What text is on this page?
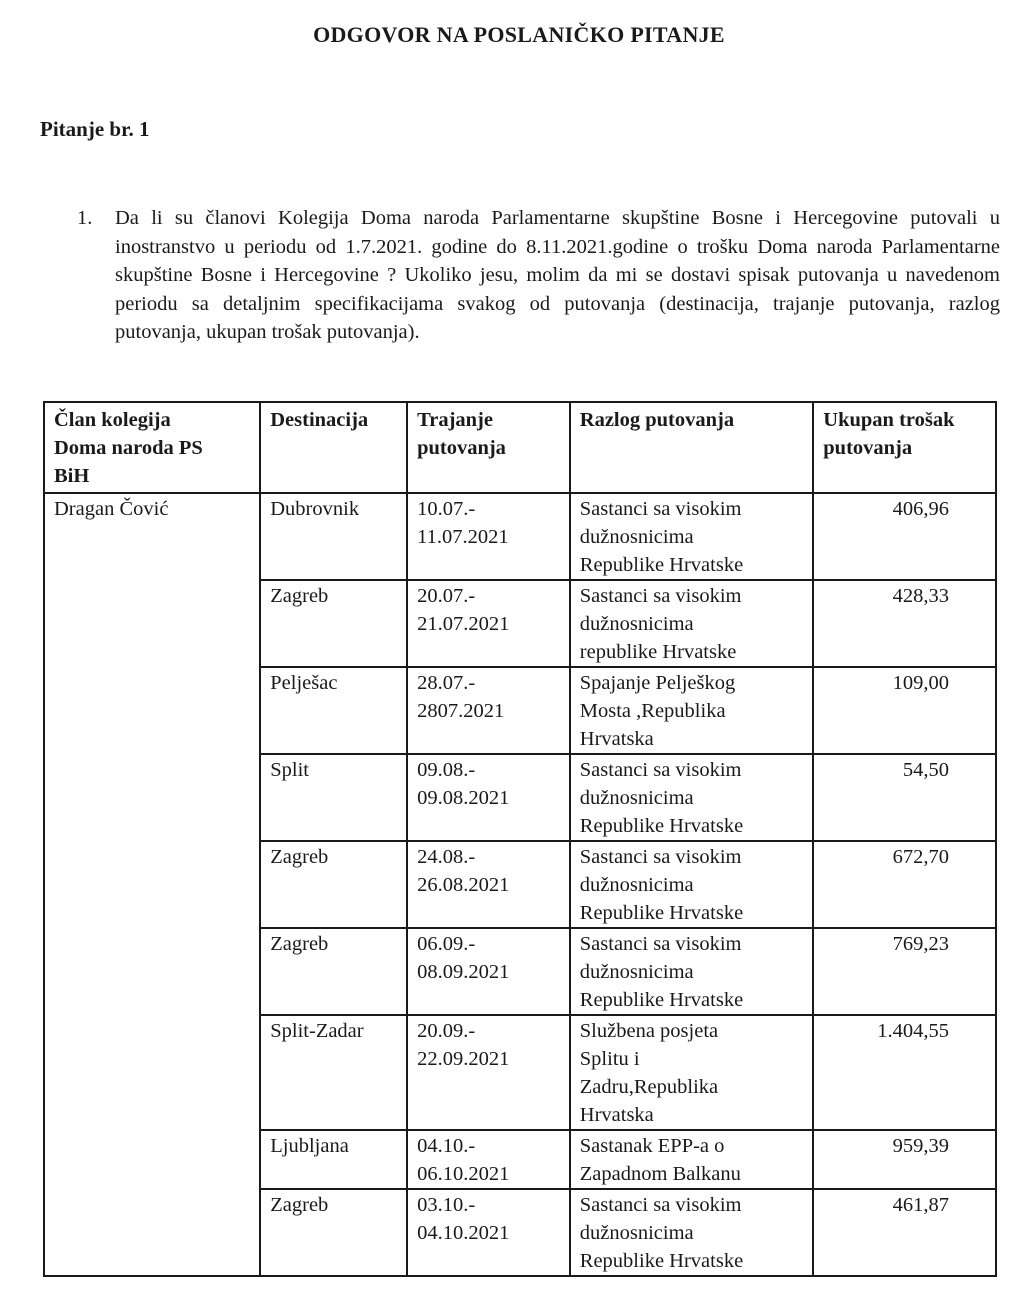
ODGOVOR NA POSLANIČKO PITANJE
Pitanje br. 1
1. Da li su članovi Kolegija Doma naroda Parlamentarne skupštine Bosne i Hercegovine putovali u inostranstvo u periodu od 1.7.2021. godine do 8.11.2021.godine o trošku Doma naroda Parlamentarne skupštine Bosne i Hercegovine ? Ukoliko jesu, molim da mi se dostavi spisak putovanja u navedenom periodu sa detaljnim specifikacijama svakog od putovanja (destinacija, trajanje putovanja, razlog putovanja, ukupan trošak putovanja).
Član kolegija
Doma naroda PS
BiH	Destinacija	Trajanje
putovanja	Razlog putovanja	Ukupan trošak
putovanja

Dragan Čović	Dubrovnik	10.07.-
11.07.2021	Sastanci sa visokim
dužnosnicima
Republike Hrvatske	406,96
	Zagreb	20.07.-
21.07.2021	Sastanci sa visokim
dužnosnicima
republike Hrvatske	428,33
	Pelješac	28.07.-
2807.2021	Spajanje Pelješkog
Mosta ,Republika
Hrvatska	109,00
	Split	09.08.-
09.08.2021	Sastanci sa visokim
dužnosnicima
Republike Hrvatske	54,50
	Zagreb	24.08.-
26.08.2021	Sastanci sa visokim
dužnosnicima
Republike Hrvatske	672,70
	Zagreb	06.09.-
08.09.2021	Sastanci sa visokim
dužnosnicima
Republike Hrvatske	769,23
	Split-Zadar	20.09.-
22.09.2021	Službena posjeta
Splitu i
Zadru,Republika
Hrvatska	1.404,55
	Ljubljana	04.10.-
06.10.2021	Sastanak EPP-a o
Zapadnom Balkanu	959,39
	Zagreb	03.10.-
04.10.2021	Sastanci sa visokim
dužnosnicima
Republike Hrvatske	461,87
